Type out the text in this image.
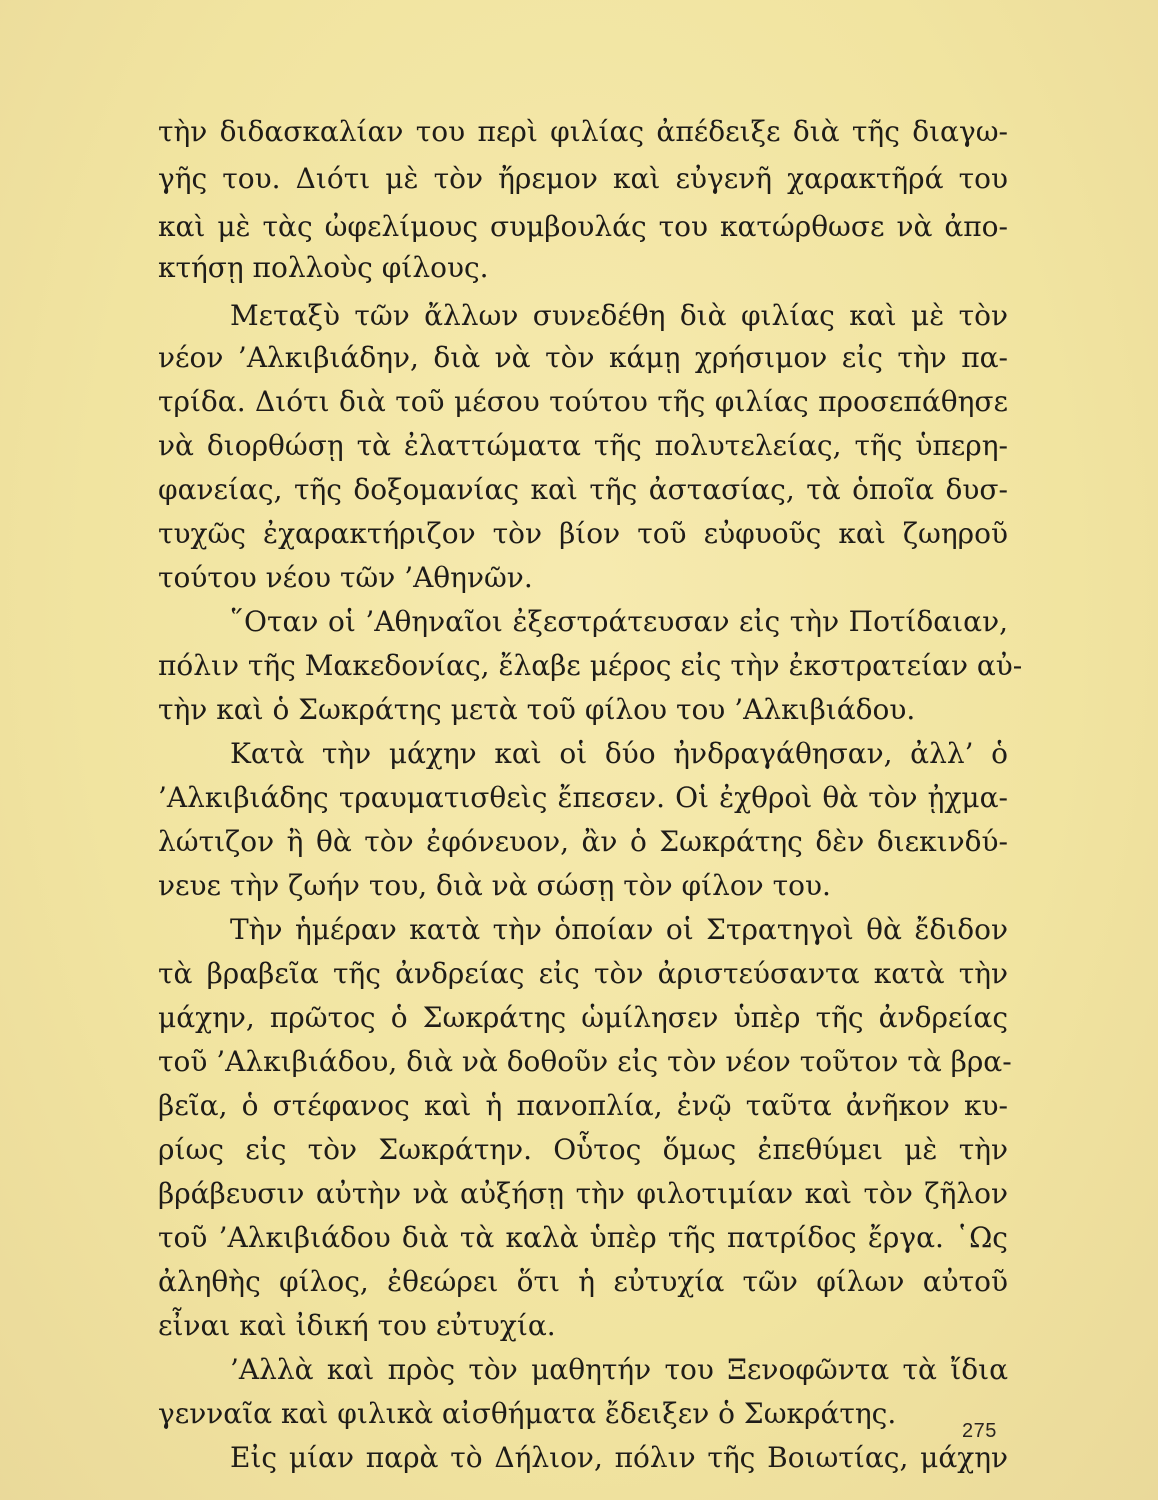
τὴν διδασκαλίαν του περὶ φιλίας ἀπέδειξε διὰ τῆς διαγω-
γῆς του. Διότι μὲ τὸν ἤρεμον καὶ εὐγενῆ χαρακτῆρά του
καὶ μὲ τὰς ὠφελίμους συμβουλάς του κατώρθωσε νὰ ἀπο-
κτήσῃ πολλοὺς φίλους.
Μεταξὺ τῶν ἄλλων συνεδέθη διὰ φιλίας καὶ μὲ τὸν
νέον ’Αλκιβιάδην, διὰ νὰ τὸν κάμῃ χρήσιμον εἰς τὴν πα-
τρίδα. Διότι διὰ τοῦ μέσου τούτου τῆς φιλίας προσεπάθησε
νὰ διορθώσῃ τὰ ἐλαττώματα τῆς πολυτελείας, τῆς ὑπερη-
φανείας, τῆς δοξομανίας καὶ τῆς ἀστασίας, τὰ ὁποῖα δυσ-
τυχῶς ἐχαρακτήριζον τὸν βίον τοῦ εὐφυοῦς καὶ ζωηροῦ
τούτου νέου τῶν ’Αθηνῶν.
῞Οταν οἱ ’Αθηναῖοι ἐξεστράτευσαν εἰς τὴν Ποτίδαιαν,
πόλιν τῆς Μακεδονίας, ἔλαβε μέρος εἰς τὴν ἐκστρατείαν αὐ-
τὴν καὶ ὁ Σωκράτης μετὰ τοῦ φίλου του ’Αλκιβιάδου.
Κατὰ τὴν μάχην καὶ οἱ δύο ἠνδραγάθησαν, ἀλλ’ ὁ
’Αλκιβιάδης τραυματισθεὶς ἔπεσεν. Οἱ ἐχθροὶ θὰ τὸν ᾐχμα-
λώτιζον ἢ θὰ τὸν ἐφόνευον, ἂν ὁ Σωκράτης δὲν διεκινδύ-
νευε τὴν ζωήν του, διὰ νὰ σώσῃ τὸν φίλον του.
Τὴν ἡμέραν κατὰ τὴν ὁποίαν οἱ Στρατηγοὶ θὰ ἔδιδον
τὰ βραβεῖα τῆς ἀνδρείας εἰς τὸν ἀριστεύσαντα κατὰ τὴν
μάχην, πρῶτος ὁ Σωκράτης ὡμίλησεν ὑπὲρ τῆς ἀνδρείας
τοῦ ’Αλκιβιάδου, διὰ νὰ δοθοῦν εἰς τὸν νέον τοῦτον τὰ βρα-
βεῖα, ὁ στέφανος καὶ ἡ πανοπλία, ἐνῷ ταῦτα ἀνῆκον κυ-
ρίως εἰς τὸν Σωκράτην. Οὗτος ὅμως ἐπεθύμει μὲ τὴν
βράβευσιν αὐτὴν νὰ αὐξήσῃ τὴν φιλοτιμίαν καὶ τὸν ζῆλον
τοῦ ’Αλκιβιάδου διὰ τὰ καλὰ ὑπὲρ τῆς πατρίδος ἔργα. ῾Ως
ἀληθὴς φίλος, ἐθεώρει ὅτι ἡ εὐτυχία τῶν φίλων αὐτοῦ
εἶναι καὶ ἰδική του εὐτυχία.
’Αλλὰ καὶ πρὸς τὸν μαθητήν του Ξενοφῶντα τὰ ἴδια
γενναῖα καὶ φιλικὰ αἰσθήματα ἔδειξεν ὁ Σωκράτης.
Εἰς μίαν παρὰ τὸ Δήλιον, πόλιν τῆς Βοιωτίας, μάχην
275
